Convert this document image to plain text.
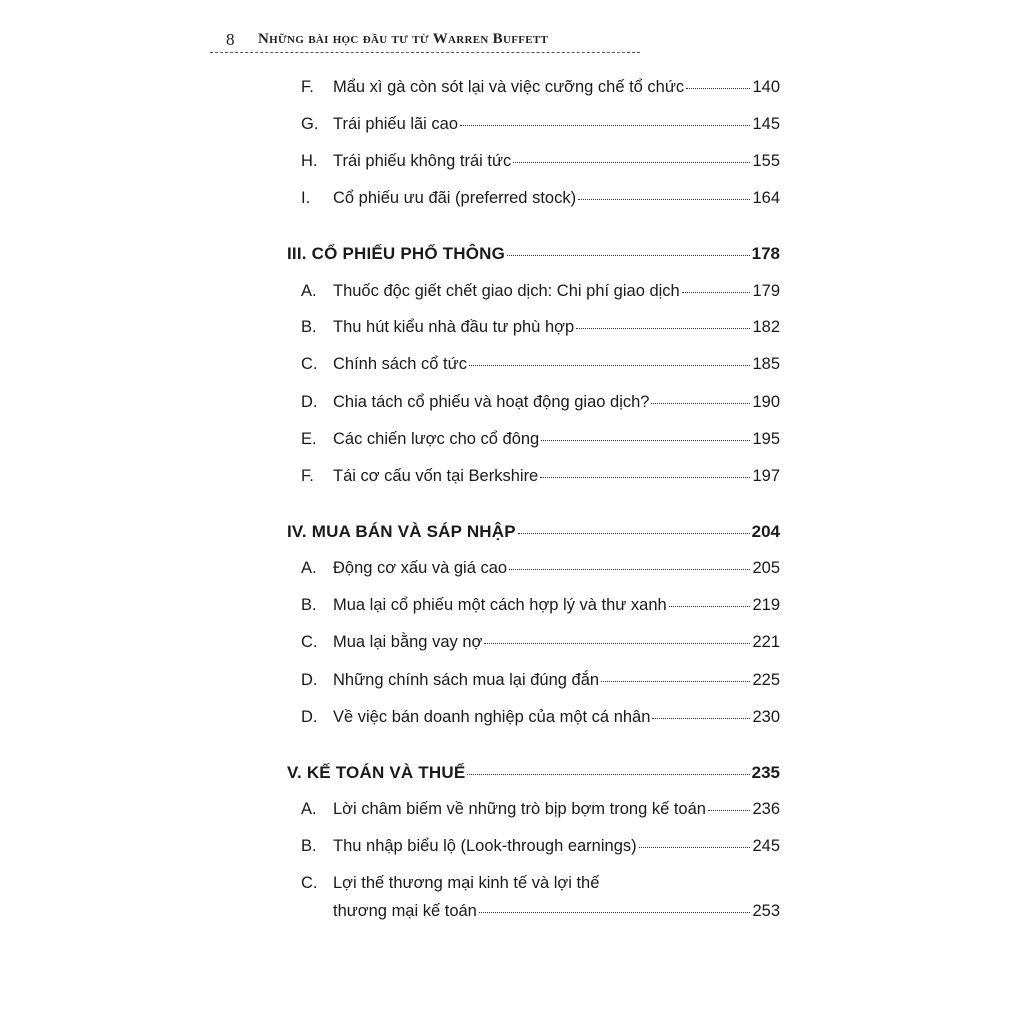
8 Những bài học đầu tư từ Warren Buffett
F.	Mẩu xì gà còn sót lại và việc cưỡng chế tổ chức	140
G. Trái phiếu lãi cao	145
H. Trái phiếu không trái tức	155
I.	Cổ phiếu ưu đãi (preferred stock)	164
III. CỔ PHIẾU PHỔ THÔNG	178
A. Thuốc độc giết chết giao dịch: Chi phí giao dịch	179
B. Thu hút kiểu nhà đầu tư phù hợp	182
C. Chính sách cổ tức	185
D. Chia tách cổ phiếu và hoạt động giao dịch?	190
E. Các chiến lược cho cổ đông	195
F.	Tái cơ cấu vốn tại Berkshire	197
IV. MUA BÁN VÀ SÁP NHẬP	204
A. Động cơ xấu và giá cao	205
B. Mua lại cổ phiếu một cách hợp lý và thư xanh	219
C. Mua lại bằng vay nợ	221
D. Những chính sách mua lại đúng đắn	225
D. Về việc bán doanh nghiệp của một cá nhân	230
V. KẾ TOÁN VÀ THUẾ	235
A. Lời châm biếm về những trò bịp bợm trong kế toán	236
B. Thu nhập biểu lộ (Look-through earnings)	245
C. Lợi thế thương mại kinh tế và lợi thế
thương mại kế toán	253
